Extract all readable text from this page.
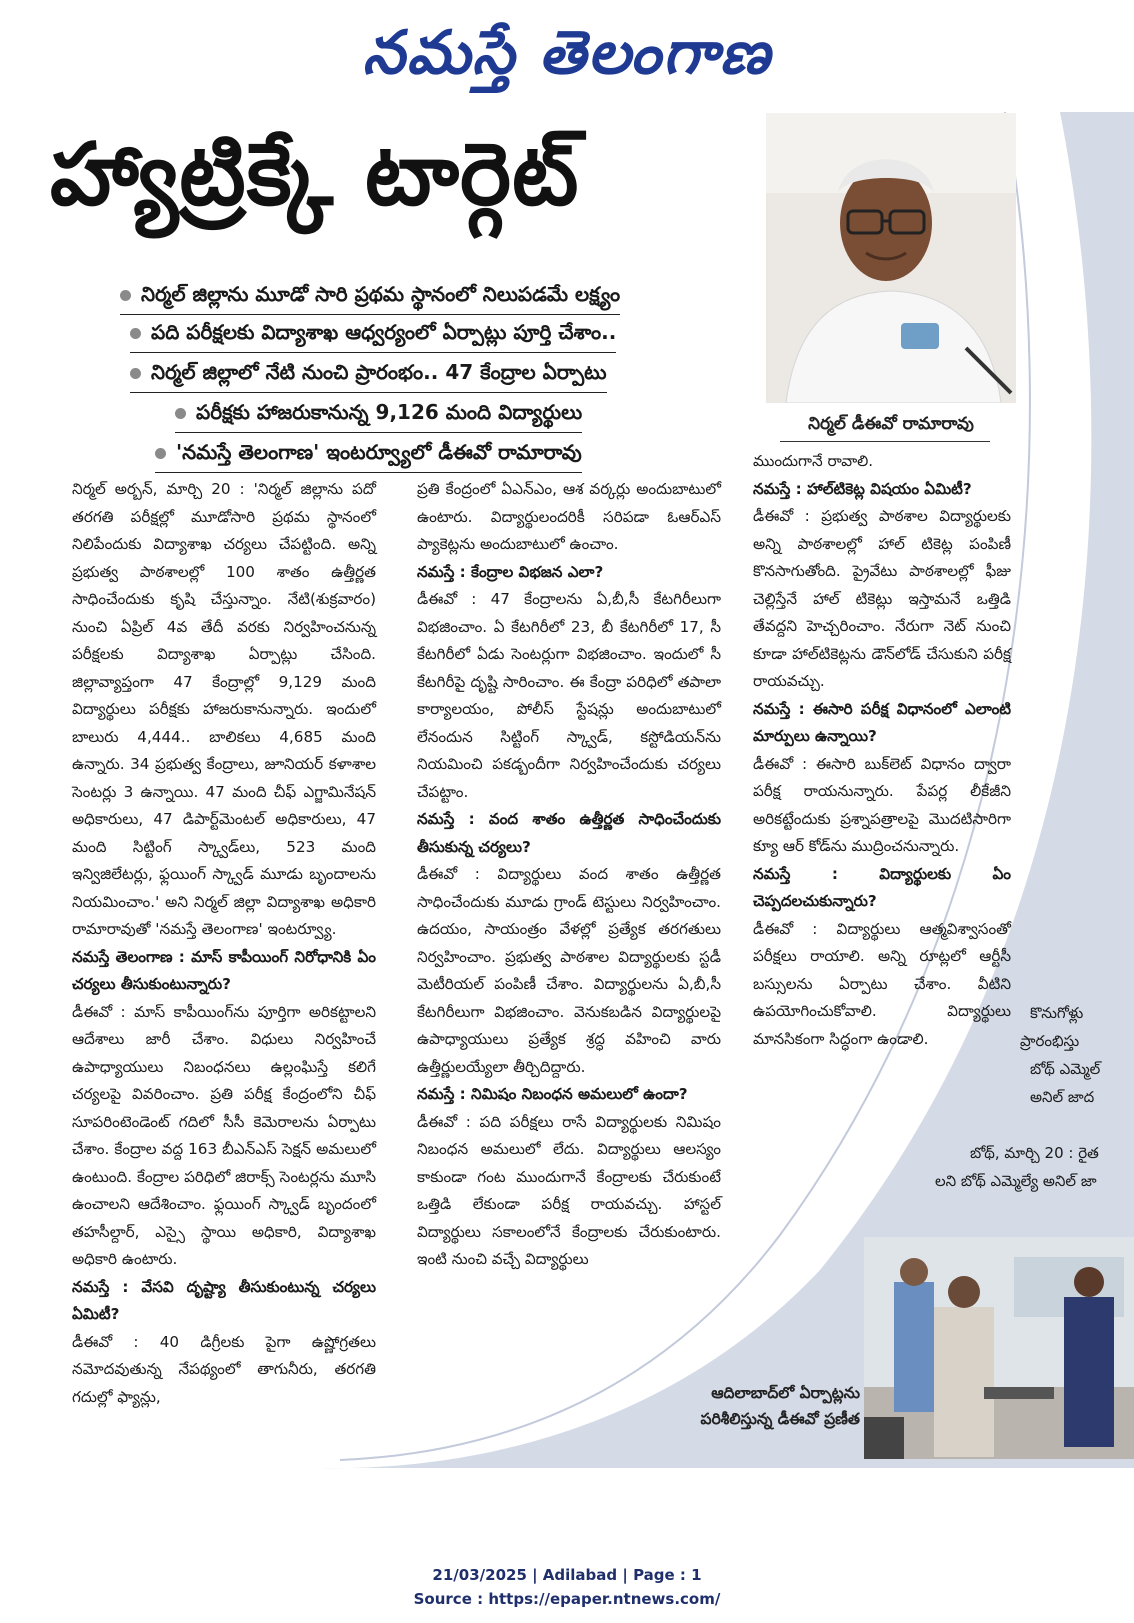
నమస్తే తెలంగాణ
హ్యాట్రిక్కే టార్గెట్
నిర్మల్ జిల్లాను మూడో సారి ప్రథమ స్థానంలో నిలుపడమే లక్ష్యం
పది పరీక్షలకు విద్యాశాఖ ఆధ్వర్యంలో ఏర్పాట్లు పూర్తి చేశాం..
నిర్మల్ జిల్లాలో నేటి నుంచి ప్రారంభం.. 47 కేంద్రాల ఏర్పాటు
పరీక్షకు హాజరుకానున్న 9,126 మంది విద్యార్థులు
'నమస్తే తెలంగాణ' ఇంటర్వ్యూలో డీఈవో రామారావు
నిర్మల్ డీఈవో రామారావు

నిర్మల్ అర్బన్, మార్చి 20 : 'నిర్మల్ జిల్లాను పదో తరగతి పరీక్షల్లో మూడోసారి ప్రథమ స్థానంలో నిలిపేందుకు విద్యాశాఖ చర్యలు చేపట్టింది. అన్ని ప్రభుత్వ పాఠశాలల్లో 100 శాతం ఉత్తీర్ణత సాధించేందుకు కృషి చేస్తున్నాం. నేటి(శుక్రవారం) నుంచి ఏప్రిల్ 4వ తేదీ వరకు నిర్వహించనున్న పరీక్షలకు విద్యాశాఖ ఏర్పాట్లు చేసింది. జిల్లావ్యాప్తంగా 47 కేంద్రాల్లో 9,129 మంది విద్యార్థులు పరీక్షకు హాజరుకానున్నారు. ఇందులో బాలురు 4,444.. బాలికలు 4,685 మంది ఉన్నారు. 34 ప్రభుత్వ కేంద్రాలు, జూనియర్ కళాశాల సెంటర్లు 3 ఉన్నాయి. 47 మంది చీఫ్ ఎగ్జామినేషన్ అధికారులు, 47 డిపార్ట్‌మెంటల్ అధికారులు, 47 మంది సిట్టింగ్ స్క్వాడ్‌లు, 523 మంది ఇన్విజిలేటర్లు, ఫ్లయింగ్ స్క్వాడ్ మూడు బృందాలను నియమించాం.' అని నిర్మల్ జిల్లా విద్యాశాఖ అధికారి రామారావుతో 'నమస్తే తెలంగాణ' ఇంటర్వ్యూ.

నమస్తే తెలంగాణ : మాస్ కాపీయింగ్‌ నిరోధానికి ఏం చర్యలు తీసుకుంటున్నారు?

డీఈవో : మాస్ కాపీయింగ్‌ను పూర్తిగా అరికట్టాలని ఆదేశాలు జారీ చేశాం. విధులు నిర్వహించే ఉపాధ్యాయులు నిబంధనలు ఉల్లంఘిస్తే కలిగే చర్యలపై వివరించాం. ప్రతి పరీక్ష కేంద్రంలోని చీఫ్ సూపరింటెండెంట్ గదిలో సీసీ కెమెరాలను ఏర్పాటు చేశాం. కేంద్రాల వద్ద 163 బీఎన్ఎస్ సెక్షన్ అమలులో ఉంటుంది. కేంద్రాల పరిధిలో జిరాక్స్ సెంటర్లను మూసి ఉంచాలని ఆదేశించాం. ఫ్లయింగ్ స్క్వాడ్ బృందంలో తహసీల్దార్, ఎస్సై స్థాయి అధికారి, విద్యాశాఖ అధికారి ఉంటారు.

నమస్తే : వేసవి దృష్ట్యా తీసుకుంటున్న చర్యలు ఏమిటీ?

డీఈవో : 40 డిగ్రీలకు పైగా ఉష్ణోగ్రతలు నమోదవుతున్న నేపథ్యంలో తాగునీరు, తరగతి గదుల్లో ఫ్యాన్లు,

ప్రతి కేంద్రంలో ఏఎన్ఎం, ఆశ వర్కర్లు అందుబాటులో ఉంటారు. విద్యార్థులందరికీ సరిపడా ఓఆర్ఎస్ ప్యాకెట్లను అందుబాటులో ఉంచాం.

నమస్తే : కేంద్రాల విభజన ఎలా?

డీఈవో : 47 కేంద్రాలను ఏ,బీ,సీ కేటగిరీలుగా విభజించాం. ఏ కేటగిరీలో 23, బీ కేటగిరీలో 17, సీ కేటగిరీలో ఏడు సెంటర్లుగా విభజించాం. ఇందులో సీ కేటగిరీపై దృష్టి సారించాం. ఈ కేంద్రా పరిధిలో తపాలా కార్యాలయం, పోలీస్ స్టేషన్లు అందుబాటులో లేనందున సిట్టింగ్ స్క్వాడ్, కస్టోడియన్‌ను నియమించి పకడ్బందీగా నిర్వహించేందుకు చర్యలు చేపట్టాం.

నమస్తే : వంద శాతం ఉత్తీర్ణత సాధించేందుకు తీసుకున్న చర్యలు?

డీఈవో : విద్యార్థులు వంద శాతం ఉత్తీర్ణత సాధించేందుకు మూడు గ్రాండ్ టెస్టులు నిర్వహించాం. ఉదయం, సాయంత్రం వేళల్లో ప్రత్యేక తరగతులు నిర్వహించాం. ప్రభుత్వ పాఠశాల విద్యార్థులకు స్టడీ మెటీరియల్ పంపిణీ చేశాం. విద్యార్థులను ఏ,బీ,సీ కేటగిరీలుగా విభజించాం. వెనుకబడిన విద్యార్థులపై ఉపాధ్యాయులు ప్రత్యేక శ్రద్ధ వహించి వారు ఉత్తీర్ణులయ్యేలా తీర్చిదిద్దారు.

నమస్తే : నిమిషం నిబంధన అమలులో ఉందా?

డీఈవో : పది పరీక్షలు రాసే విద్యార్థులకు నిమిషం నిబంధన అమలులో లేదు. విద్యార్థులు ఆలస్యం కాకుండా గంట ముందుగానే కేంద్రాలకు చేరుకుంటే ఒత్తిడి లేకుండా పరీక్ష రాయవచ్చు. హాస్టల్ విద్యార్థులు సకాలంలోనే కేంద్రాలకు చేరుకుంటారు. ఇంటి నుంచి వచ్చే విద్యార్థులు

ముందుగానే రావాలి.

నమస్తే : హాల్‌టికెట్ల విషయం ఏమిటీ?

డీఈవో : ప్రభుత్వ పాఠశాల విద్యార్థులకు అన్ని పాఠశాలల్లో హాల్ టికెట్ల పంపిణీ కొనసాగుతోంది. ప్రైవేటు పాఠశాలల్లో ఫీజు చెల్లిస్తేనే హాల్ టికెట్లు ఇస్తామనే ఒత్తిడి తేవద్దని హెచ్చరించాం. నేరుగా నెట్ నుంచి కూడా హాల్‌టికెట్లను డౌన్‌లోడ్ చేసుకుని పరీక్ష రాయవచ్చు.

నమస్తే : ఈసారి పరీక్ష విధానంలో ఎలాంటి మార్పులు ఉన్నాయి?

డీఈవో : ఈసారి బుక్‌లెట్ విధానం ద్వారా పరీక్ష రాయనున్నారు. పేపర్ల లీకేజీని అరికట్టేందుకు ప్రశ్నాపత్రాలపై మొదటిసారిగా క్యూ ఆర్ కోడ్‌ను ముద్రించనున్నారు.

నమస్తే : విద్యార్థులకు ఏం చెప్పదలచుకున్నారు?

డీఈవో : విద్యార్థులు ఆత్మవిశ్వాసంతో పరీక్షలు రాయాలి. అన్ని రూట్లలో ఆర్టీసీ బస్సులను ఏర్పాటు చేశాం. వీటిని ఉపయోగించుకోవాలి. విద్యార్థులు మానసికంగా సిద్ధంగా ఉండాలి.

కొనుగోళ్లు
ప్రారంభిస్తు
బోథ్ ఎమ్మెల్
అనిల్ జాద
బోథ్, మార్చి 20 : రైత
లని బోథ్ ఎమ్మెల్యే అనిల్ జా
ఆదిలాబాద్‌లో ఏర్పాట్లను
పరిశీలిస్తున్న డీఈవో ప్రణీత
21/03/2025 | Adilabad | Page : 1
Source : https://epaper.ntnews.com/
